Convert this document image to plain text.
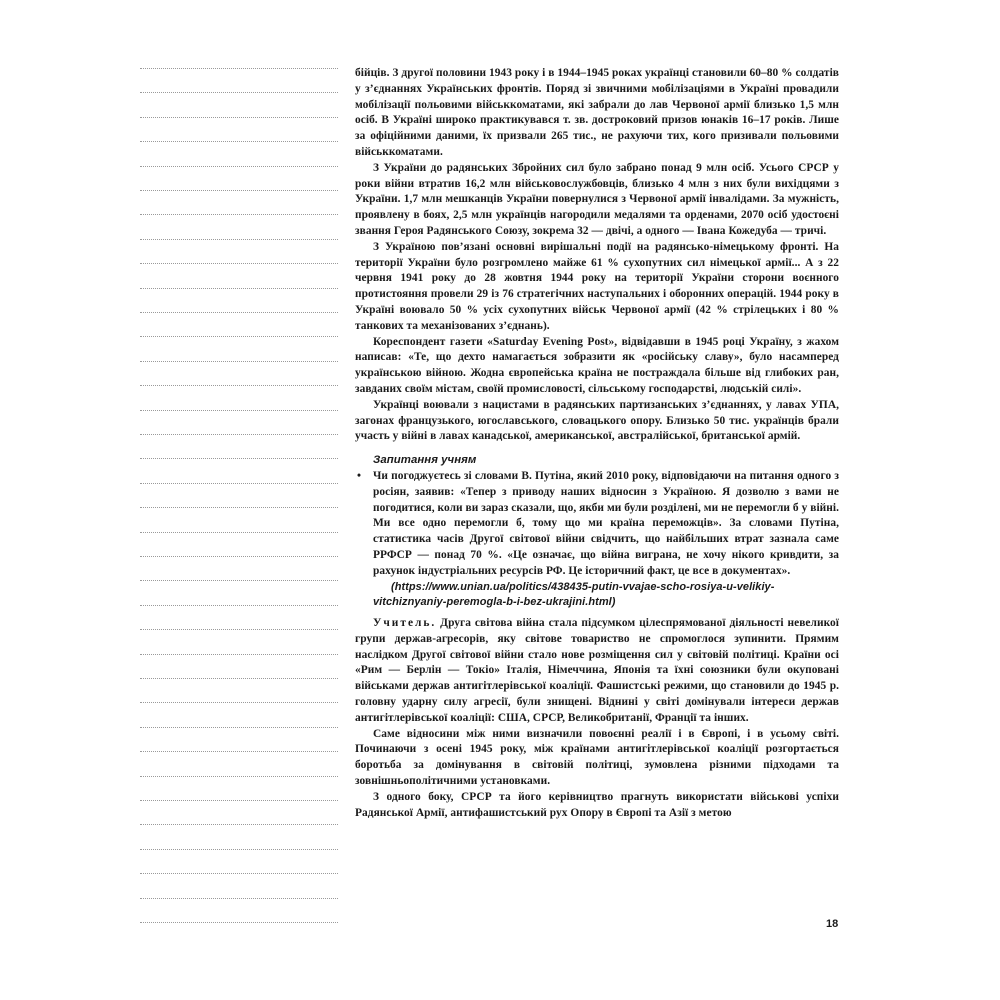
бійців. З другої половини 1943 року і в 1944–1945 роках українці становили 60–80 % солдатів у з’єднаннях Українських фронтів. Поряд зі звичними мобілізаціями в Україні провадили мобілізації польовими військкоматами, які забрали до лав Червоної армії близько 1,5 млн осіб. В Україні широко практикувався т. зв. достроковий призов юнаків 16–17 років. Лише за офіційними даними, їх призвали 265 тис., не рахуючи тих, кого призивали польовими військкоматами.

З України до радянських Збройних сил було забрано понад 9 млн осіб. Усього СРСР у роки війни втратив 16,2 млн військовослужбовців, близько 4 млн з них були вихідцями з України. 1,7 млн мешканців України повернулися з Червоної армії інвалідами. За мужність, проявлену в боях, 2,5 млн українців нагородили медалями та орденами, 2070 осіб удостоєні звання Героя Радянського Союзу, зокрема 32 — двічі, а одного — Івана Кожедуба — тричі.

З Україною пов’язані основні вирішальні події на радянсько-німецькому фронті. На території України було розгромлено майже 61 % сухопутних сил німецької армії... А з 22 червня 1941 року до 28 жовтня 1944 року на території України сторони воєнного протистояння провели 29 із 76 стратегічних наступальних і оборонних операцій. 1944 року в Україні воювало 50 % усіх сухопутних військ Червоної армії (42 % стрілецьких і 80 % танкових та механізованих з’єднань).

Кореспондент газети «Saturday Evening Post», відвідавши в 1945 році Україну, з жахом написав: «Те, що дехто намагається зобразити як «російську славу», було насамперед українською війною. Жодна європейська країна не постраждала більше від глибоких ран, завданих своїм містам, своїй промисловості, сільському господарстві, людській силі».

Українці воювали з нацистами в радянських партизанських з’єднаннях, у лавах УПА, загонах французького, югославського, словацького опору. Близько 50 тис. українців брали участь у війні в лавах канадської, американської, австралійської, британської армій.

Запитання учням
• Чи погоджуєтесь зі словами В. Путіна, який 2010 року, відповідаючи на питання одного з росіян, заявив: «Тепер з приводу наших відносин з Україною. Я дозволю з вами не погодитися, коли ви зараз сказали, що, якби ми були розділені, ми не перемогли б у війні. Ми все одно перемогли б, тому що ми країна переможців». За словами Путіна, статистика часів Другої світової війни свідчить, що найбільших втрат зазнала саме РРФСР — понад 70 %. «Це означає, що війна виграна, не хочу нікого кривдити, за рахунок індустріальних ресурсів РФ. Це історичний факт, це все в документах».

(https://www.unian.ua/politics/438435-putin-vvajae-scho-rosiya-u-velikiy-vitchiznyaniy-peremogla-b-i-bez-ukrajini.html)

Учитель. Друга світова війна стала підсумком цілеспрямованої діяльності невеликої групи держав-агресорів, яку світове товариство не спромоглося зупинити. Прямим наслідком Другої світової війни стало нове розміщення сил у світовій політиці. Країни осі «Рим — Берлін — Токіо» Італія, Німеччина, Японія та їхні союзники були окуповані військами держав антигітлерівської коаліції. Фашистські режими, що становили до 1945 р. головну ударну силу агресії, були знищені. Віднині у світі домінували інтереси держав антигітлерівської коаліції: США, СРСР, Великобританії, Франції та інших.

Саме відносини між ними визначили повоєнні реалії і в Європі, і в усьому світі. Починаючи з осені 1945 року, між країнами антигітлерівської коаліції розгортається боротьба за домінування в світовій політиці, зумовлена різними підходами та зовнішньополітичними установками.

З одного боку, СРСР та його керівництво прагнуть використати військові успіхи Радянської Армії, антифашистський рух Опору в Європі та Азії з метою

18
